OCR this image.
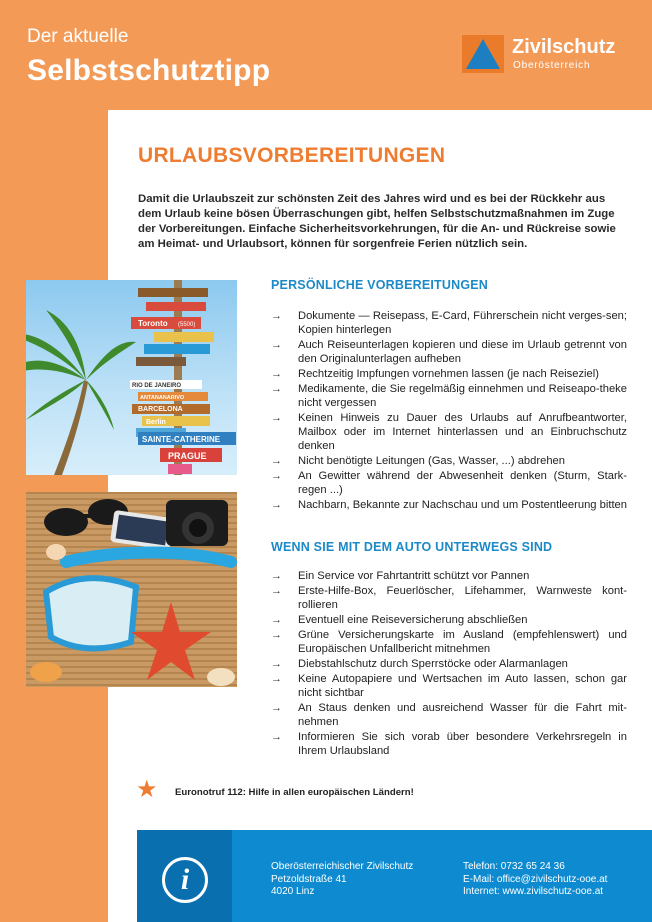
Der aktuelle
Selbstschutztipp
Zivilschutz
Oberösterreich
URLAUBSVORBEREITUNGEN
Damit die Urlaubszeit zur schönsten Zeit des Jahres wird und es bei der Rückkehr aus dem Urlaub keine bösen Überraschungen gibt, helfen Selbstschutzmaßnahmen im Zuge der Vorbereitungen. Einfache Sicherheitsvorkehrungen, für die An- und Rückreise sowie am Heimat- und Urlaubsort, können für sorgenfreie Ferien nützlich sein.
Toronto (5500)
RIO DE JANEIRO
ANTANANARIVO
BARCELONA
Berlin
SAINTE-CATHERINE
PRAGUE
PERSÖNLICHE VORBEREITUNGEN
→ Dokumente — Reisepass, E-Card, Führerschein nicht verges-sen; Kopien hinterlegen
→ Auch Reiseunterlagen kopieren und diese im Urlaub getrennt von den Originalunterlagen aufheben
→ Rechtzeitig Impfungen vornehmen lassen (je nach Reiseziel)
→ Medikamente, die Sie regelmäßig einnehmen und Reiseapo-theke nicht vergessen
→ Keinen Hinweis zu Dauer des Urlaubs auf Anrufbeantworter, Mailbox oder im Internet hinterlassen und an Einbruchschutz denken
→ Nicht benötigte Leitungen (Gas, Wasser, ...) abdrehen
→ An Gewitter während der Abwesenheit denken (Sturm, Stark-regen ...)
→ Nachbarn, Bekannte zur Nachschau und um Postentleerung bitten
WENN SIE MIT DEM AUTO UNTERWEGS SIND
→ Ein Service vor Fahrtantritt schützt vor Pannen
→ Erste-Hilfe-Box, Feuerlöscher, Lifehammer, Warnweste kont-rollieren
→ Eventuell eine Reiseversicherung abschließen
→ Grüne Versicherungskarte im Ausland (empfehlenswert) und Europäischen Unfallbericht mitnehmen
→ Diebstahlschutz durch Sperrstöcke oder Alarmanlagen
→ Keine Autopapiere und Wertsachen im Auto lassen, schon gar nicht sichtbar
→ An Staus denken und ausreichend Wasser für die Fahrt mit-nehmen
→ Informieren Sie sich vorab über besondere Verkehrsregeln in Ihrem Urlaubsland
★ Euronotruf 112: Hilfe in allen europäischen Ländern!
i	Oberösterreichischer Zivilschutz
Petzoldstraße 41
4020 Linz
Telefon: 0732 65 24 36
E-Mail: office@zivilschutz-ooe.at
Internet: www.zivilschutz-ooe.at
